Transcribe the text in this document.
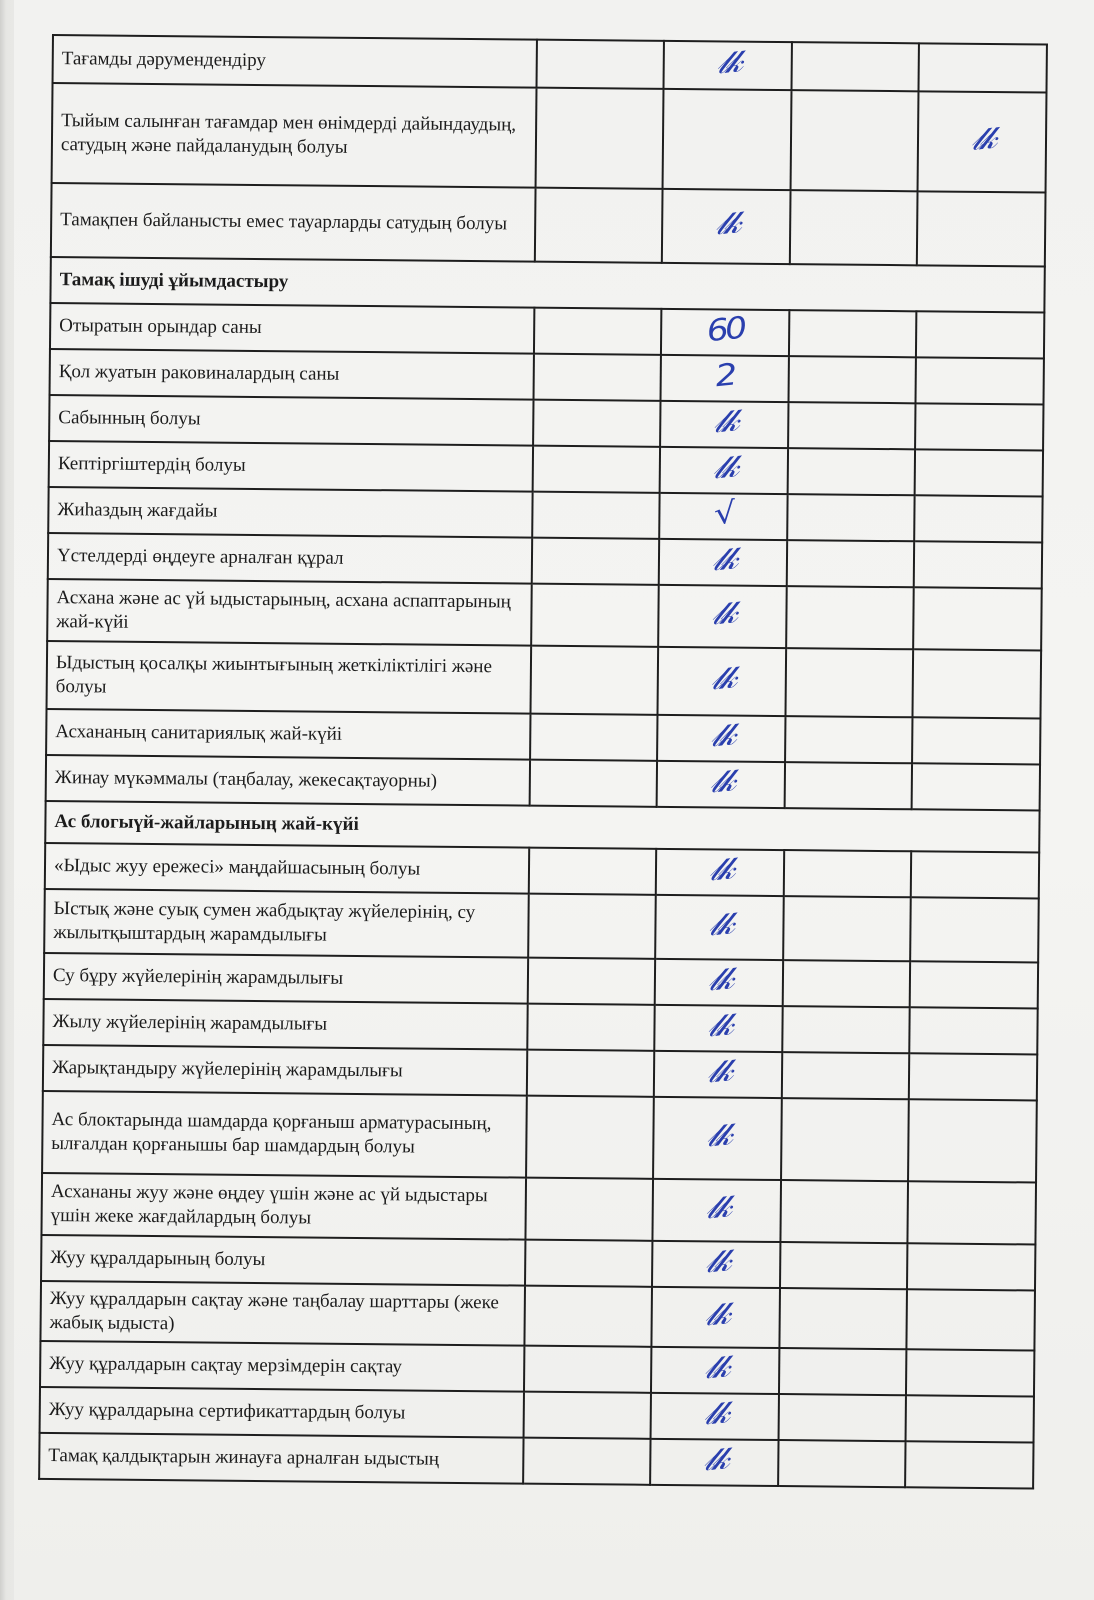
Тағамды дәрумендендіру		𝓁𝓀		
Тыйым салынған тағамдар мен өнімдерді дайындаудың, сатудың және пайдаланудың болуы				𝓁𝓀
Тамақпен байланысты емес тауарларды сатудың болуы		𝓁𝓀		
Тамақ ішуді ұйымдастыру				
Отыратын орындар саны		60		
Қол жуатын раковиналардың саны		2		
Сабынның болуы		𝓁𝓀		
Кептіргіштердің болуы		𝓁𝓀		
Жиһаздың жағдайы		√		
Үстелдерді өңдеуге арналған құрал		𝓁𝓀		
Асхана және ас үй ыдыстарының, асхана аспаптарының жай-күйі		𝓁𝓀		
Ыдыстың қосалқы жиынтығының жеткіліктілігі және болуы		𝓁𝓀		
Асхананың санитариялық жай-күйі		𝓁𝓀		
Жинау мүкәммалы (таңбалау, жекесақтауорны)		𝓁𝓀		
Ас блогыүй-жайларының жай-күйі				
«Ыдыс жуу ережесі» маңдайшасының болуы		𝓁𝓀		
Ыстық және суық сумен жабдықтау жүйелерінің, су жылытқыштардың жарамдылығы		𝓁𝓀		
Су бұру жүйелерінің жарамдылығы		𝓁𝓀		
Жылу жүйелерінің жарамдылығы		𝓁𝓀		
Жарықтандыру жүйелерінің жарамдылығы		𝓁𝓀		
Ас блоктарында шамдарда қорғаныш арматурасының, ылғалдан қорғанышы бар шамдардың болуы		𝓁𝓀		
Асхананы жуу және өңдеу үшін және ас үй ыдыстары үшін жеке жағдайлардың болуы		𝓁𝓀		
Жуу құралдарының болуы		𝓁𝓀		
Жуу құралдарын сақтау және таңбалау шарттары (жеке жабық ыдыста)		𝓁𝓀		
Жуу құралдарын сақтау мерзімдерін сақтау		𝓁𝓀		
Жуу құралдарына сертификаттардың болуы		𝓁𝓀		
Тамақ қалдықтарын жинауға арналған ыдыстың		𝓁𝓀		
